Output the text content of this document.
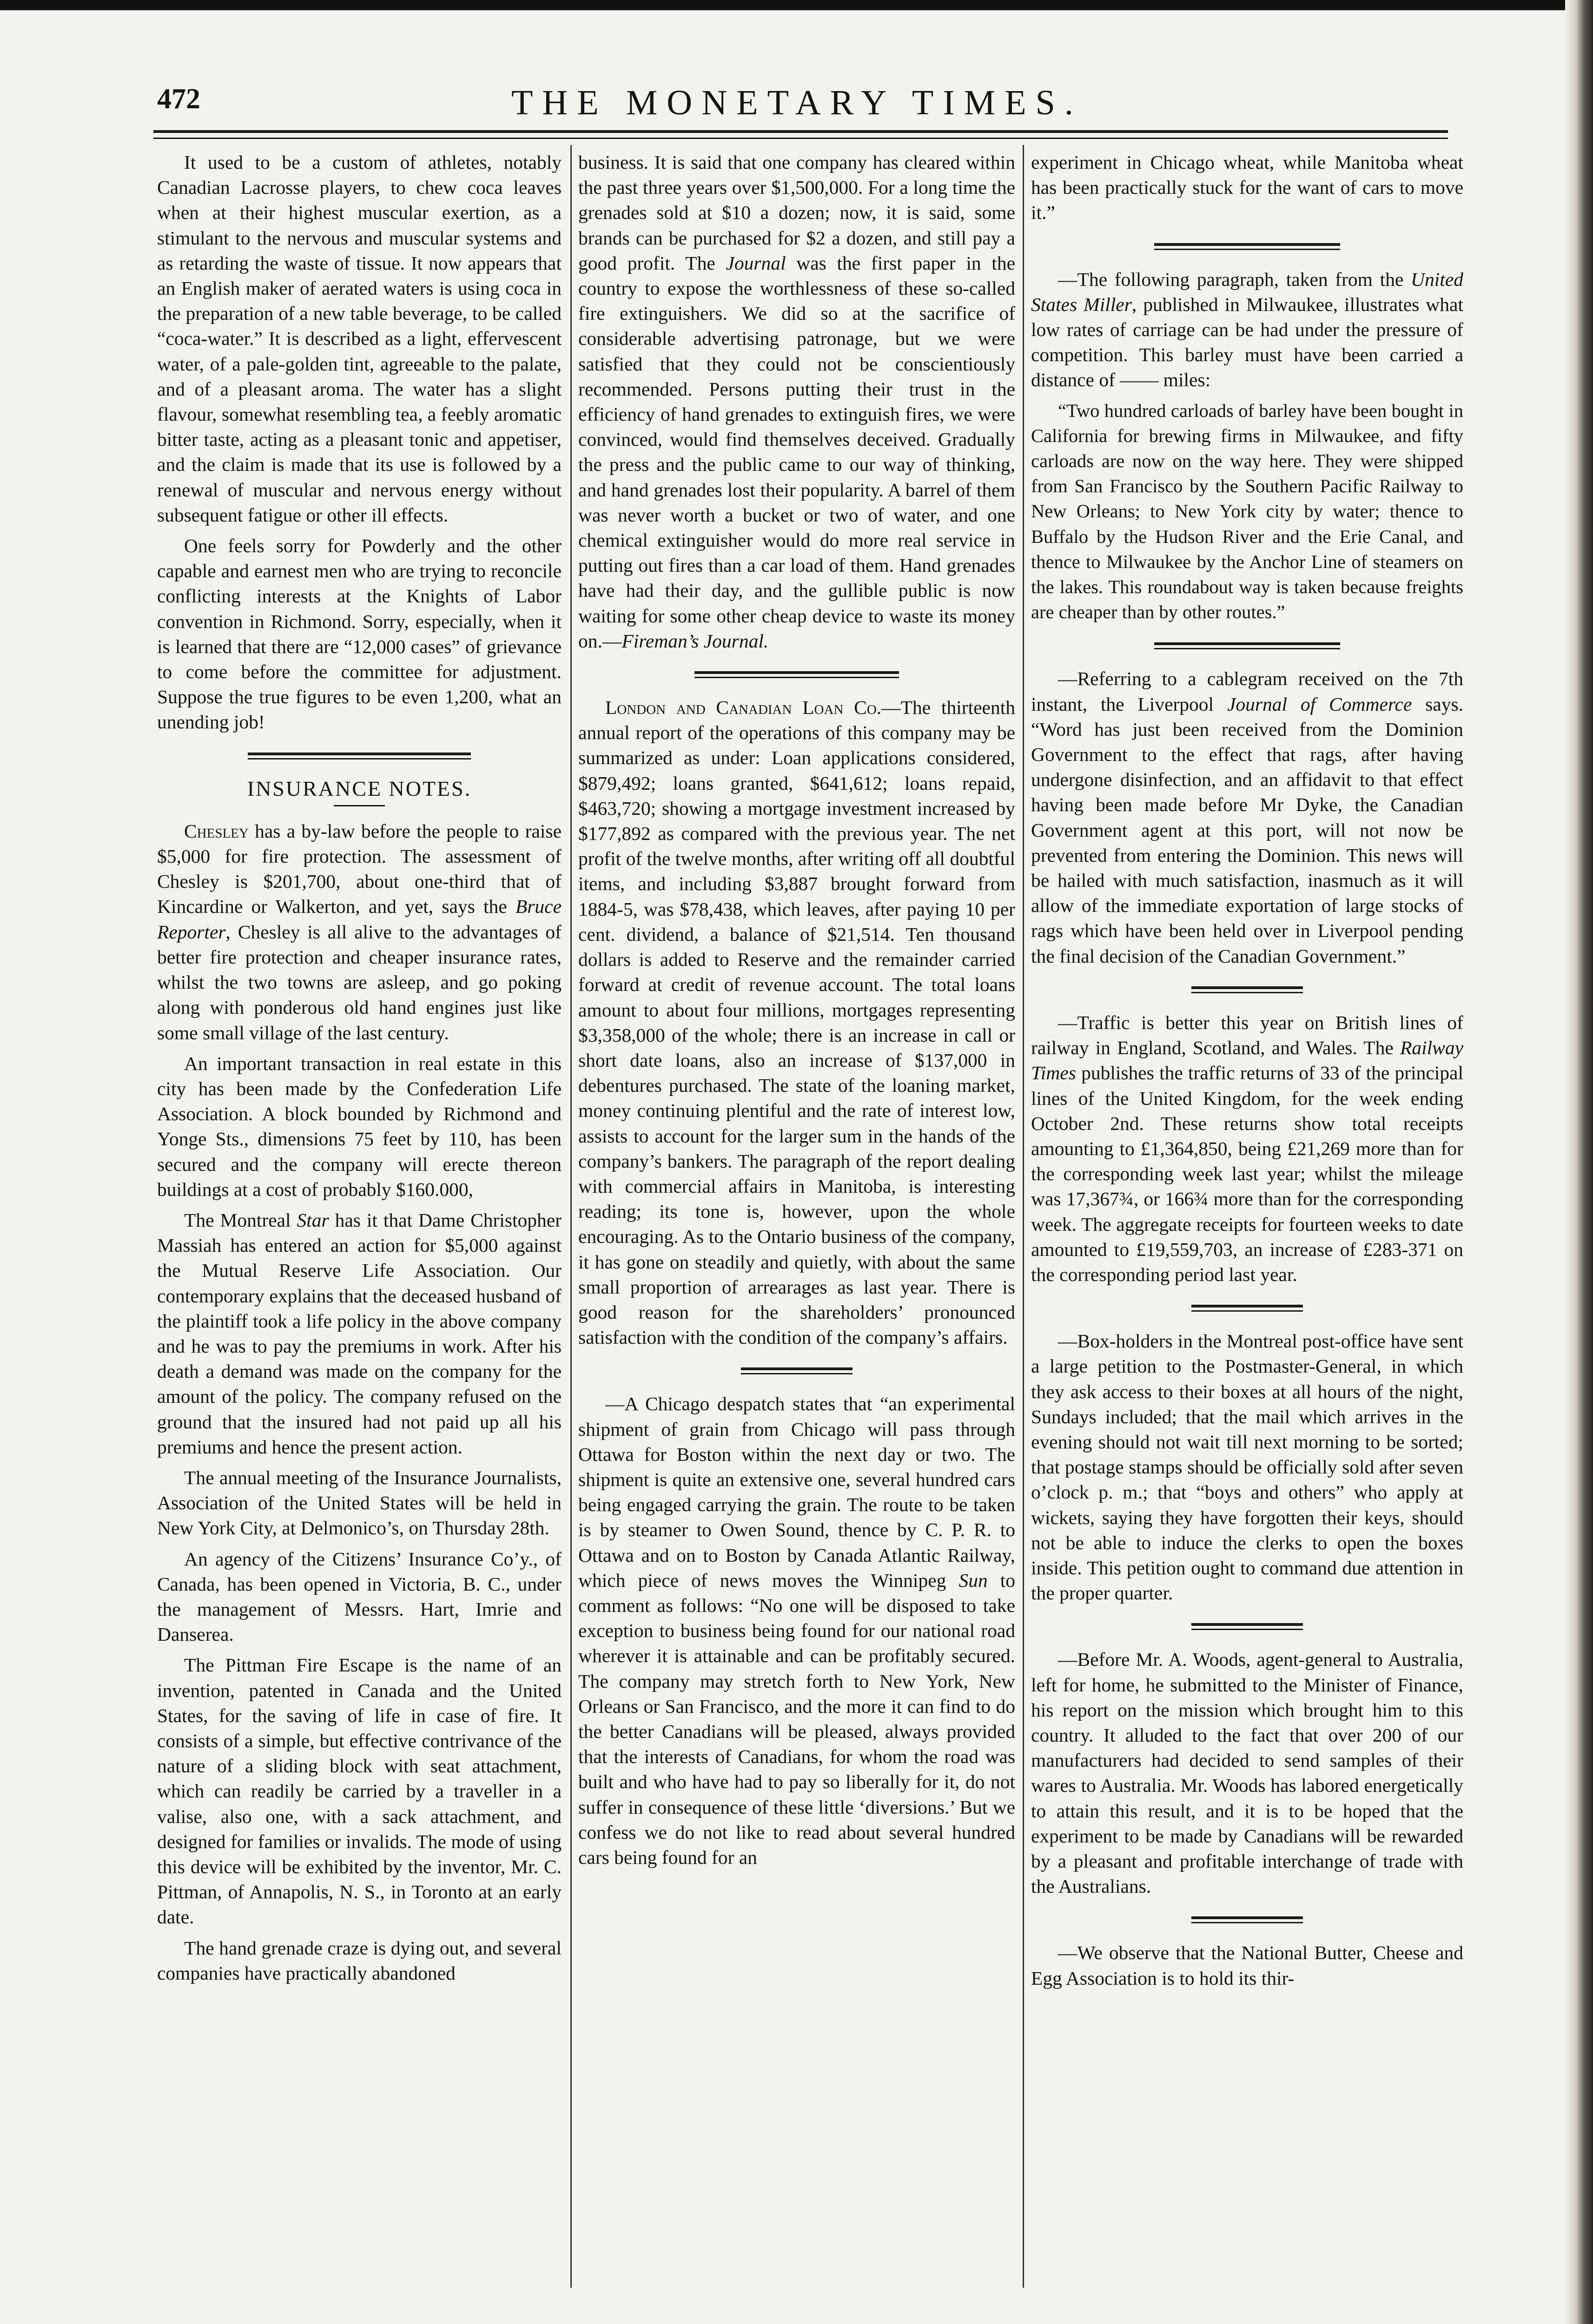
472	THE MONETARY TIMES.

It used to be a custom of athletes, notably Canadian Lacrosse players, to chew coca leaves when at their highest muscular exertion, as a stimulant to the nervous and muscular systems and as retarding the waste of tissue. It now appears that an English maker of aerated waters is using coca in the preparation of a new table beverage, to be called “coca-water.” It is described as a light, effervescent water, of a pale-golden tint, agreeable to the palate, and of a pleasant aroma. The water has a slight flavour, somewhat resembling tea, a feebly aromatic bitter taste, acting as a pleasant tonic and appetiser, and the claim is made that its use is followed by a renewal of muscular and nervous energy without subsequent fatigue or other ill effects.

One feels sorry for Powderly and the other capable and earnest men who are trying to reconcile conflicting interests at the Knights of Labor convention in Richmond. Sorry, especially, when it is learned that there are “12,000 cases” of grievance to come before the committee for adjustment. Suppose the true figures to be even 1,200, what an unending job!

INSURANCE NOTES.

Chesley has a by-law before the people to raise $5,000 for fire protection. The assessment of Chesley is $201,700, about one-third that of Kincardine or Walkerton, and yet, says the Bruce Reporter, Chesley is all alive to the advantages of better fire protection and cheaper insurance rates, whilst the two towns are asleep, and go poking along with ponderous old hand engines just like some small village of the last century.

An important transaction in real estate in this city has been made by the Confederation Life Association. A block bounded by Richmond and Yonge Sts., dimensions 75 feet by 110, has been secured and the company will erecte thereon buildings at a cost of probably $160.000,

The Montreal Star has it that Dame Christopher Massiah has entered an action for $5,000 against the Mutual Reserve Life Association. Our contemporary explains that the deceased husband of the plaintiff took a life policy in the above company and he was to pay the premiums in work. After his death a demand was made on the company for the amount of the policy. The company refused on the ground that the insured had not paid up all his premiums and hence the present action.

The annual meeting of the Insurance Journalists, Association of the United States will be held in New York City, at Delmonico’s, on Thursday 28th.

An agency of the Citizens’ Insurance Co’y., of Canada, has been opened in Victoria, B. C., under the management of Messrs. Hart, Imrie and Danserea.

The Pittman Fire Escape is the name of an invention, patented in Canada and the United States, for the saving of life in case of fire. It consists of a simple, but effective contrivance of the nature of a sliding block with seat attachment, which can readily be carried by a traveller in a valise, also one, with a sack attachment, and designed for families or invalids. The mode of using this device will be exhibited by the inventor, Mr. C. Pittman, of Annapolis, N. S., in Toronto at an early date.

The hand grenade craze is dying out, and several companies have practically abandoned

business. It is said that one company has cleared within the past three years over $1,500,000. For a long time the grenades sold at $10 a dozen; now, it is said, some brands can be purchased for $2 a dozen, and still pay a good profit. The Journal was the first paper in the country to expose the worthlessness of these so-called fire extinguishers. We did so at the sacrifice of considerable advertising patronage, but we were satisfied that they could not be conscientiously recommended. Persons putting their trust in the efficiency of hand grenades to extinguish fires, we were convinced, would find themselves deceived. Gradually the press and the public came to our way of thinking, and hand grenades lost their popularity. A barrel of them was never worth a bucket or two of water, and one chemical extinguisher would do more real service in putting out fires than a car load of them. Hand grenades have had their day, and the gullible public is now waiting for some other cheap device to waste its money on.—Fireman’s Journal.

London and Canadian Loan Co.—The thirteenth annual report of the operations of this company may be summarized as under: Loan applications considered, $879,492; loans granted, $641,612; loans repaid, $463,720; showing a mortgage investment increased by $177,892 as compared with the previous year. The net profit of the twelve months, after writing off all doubtful items, and including $3,887 brought forward from 1884-5, was $78,438, which leaves, after paying 10 per cent. dividend, a balance of $21,514. Ten thousand dollars is added to Reserve and the remainder carried forward at credit of revenue account. The total loans amount to about four millions, mortgages representing $3,358,000 of the whole; there is an increase in call or short date loans, also an increase of $137,000 in debentures purchased. The state of the loaning market, money continuing plentiful and the rate of interest low, assists to account for the larger sum in the hands of the company’s bankers. The paragraph of the report dealing with commercial affairs in Manitoba, is interesting reading; its tone is, however, upon the whole encouraging. As to the Ontario business of the company, it has gone on steadily and quietly, with about the same small proportion of arrearages as last year. There is good reason for the shareholders’ pronounced satisfaction with the condition of the company’s affairs.

—A Chicago despatch states that “an experimental shipment of grain from Chicago will pass through Ottawa for Boston within the next day or two. The shipment is quite an extensive one, several hundred cars being engaged carrying the grain. The route to be taken is by steamer to Owen Sound, thence by C. P. R. to Ottawa and on to Boston by Canada Atlantic Railway, which piece of news moves the Winnipeg Sun to comment as follows: “No one will be disposed to take exception to business being found for our national road wherever it is attainable and can be profitably secured. The company may stretch forth to New York, New Orleans or San Francisco, and the more it can find to do the better Canadians will be pleased, always provided that the interests of Canadians, for whom the road was built and who have had to pay so liberally for it, do not suffer in consequence of these little ‘diversions.’ But we confess we do not like to read about several hundred cars being found for an

experiment in Chicago wheat, while Manitoba wheat has been practically stuck for the want of cars to move it.”

—The following paragraph, taken from the United States Miller, published in Milwaukee, illustrates what low rates of carriage can be had under the pressure of competition. This barley must have been carried a distance of —— miles:

“Two hundred carloads of barley have been bought in California for brewing firms in Milwaukee, and fifty carloads are now on the way here. They were shipped from San Francisco by the Southern Pacific Railway to New Orleans; to New York city by water; thence to Buffalo by the Hudson River and the Erie Canal, and thence to Milwaukee by the Anchor Line of steamers on the lakes. This roundabout way is taken because freights are cheaper than by other routes.”

—Referring to a cablegram received on the 7th instant, the Liverpool Journal of Commerce says. “Word has just been received from the Dominion Government to the effect that rags, after having undergone disinfection, and an affidavit to that effect having been made before Mr Dyke, the Canadian Government agent at this port, will not now be prevented from entering the Dominion. This news will be hailed with much satisfaction, inasmuch as it will allow of the immediate exportation of large stocks of rags which have been held over in Liverpool pending the final decision of the Canadian Government.”

—Traffic is better this year on British lines of railway in England, Scotland, and Wales. The Railway Times publishes the traffic returns of 33 of the principal lines of the United Kingdom, for the week ending October 2nd. These returns show total receipts amounting to £1,364,850, being £21,269 more than for the corresponding week last year; whilst the mileage was 17,367¾, or 166¾ more than for the corresponding week. The aggregate receipts for fourteen weeks to date amounted to £19,559,703, an increase of £283-371 on the corresponding period last year.

—Box-holders in the Montreal post-office have sent a large petition to the Postmaster-General, in which they ask access to their boxes at all hours of the night, Sundays included; that the mail which arrives in the evening should not wait till next morning to be sorted; that postage stamps should be officially sold after seven o’clock p. m.; that “boys and others” who apply at wickets, saying they have forgotten their keys, should not be able to induce the clerks to open the boxes inside. This petition ought to command due attention in the proper quarter.

—Before Mr. A. Woods, agent-general to Australia, left for home, he submitted to the Minister of Finance, his report on the mission which brought him to this country. It alluded to the fact that over 200 of our manufacturers had decided to send samples of their wares to Australia. Mr. Woods has labored energetically to attain this result, and it is to be hoped that the experiment to be made by Canadians will be rewarded by a pleasant and profitable interchange of trade with the Australians.

—We observe that the National Butter, Cheese and Egg Association is to hold its thir-
